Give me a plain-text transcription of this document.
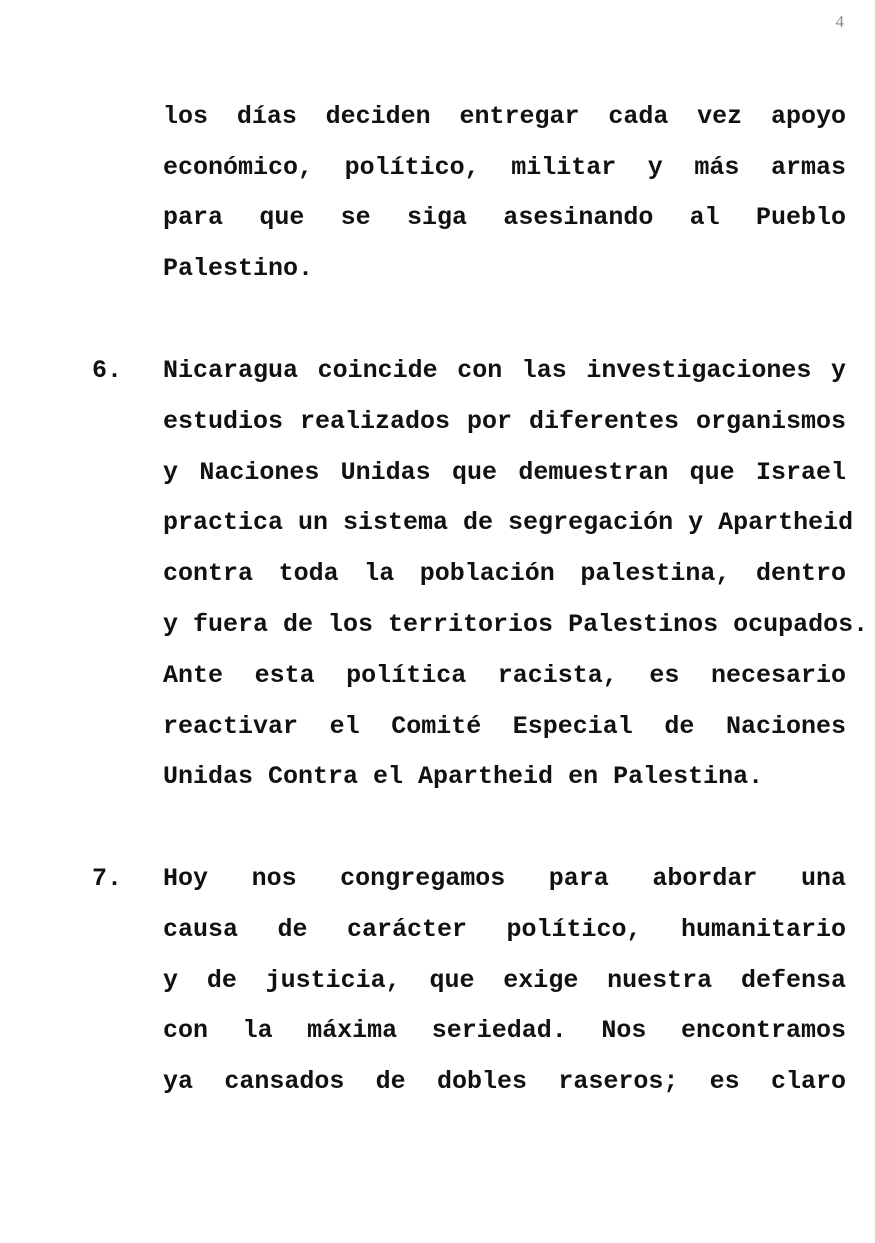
4
los días deciden entregar cada vez apoyo
económico, político, militar y más armas
para que se siga asesinando al Pueblo
Palestino.
6. Nicaragua coincide con las investigaciones y
estudios realizados por diferentes organismos
y Naciones Unidas que demuestran que Israel
practica un sistema de segregación y Apartheid
contra toda la población palestina, dentro
y fuera de los territorios Palestinos ocupados.
Ante esta política racista, es necesario
reactivar el Comité Especial de Naciones
Unidas Contra el Apartheid en Palestina.
7. Hoy nos congregamos para abordar una
causa de carácter político, humanitario
y de justicia, que exige nuestra defensa
con la máxima seriedad. Nos encontramos
ya cansados de dobles raseros; es claro
